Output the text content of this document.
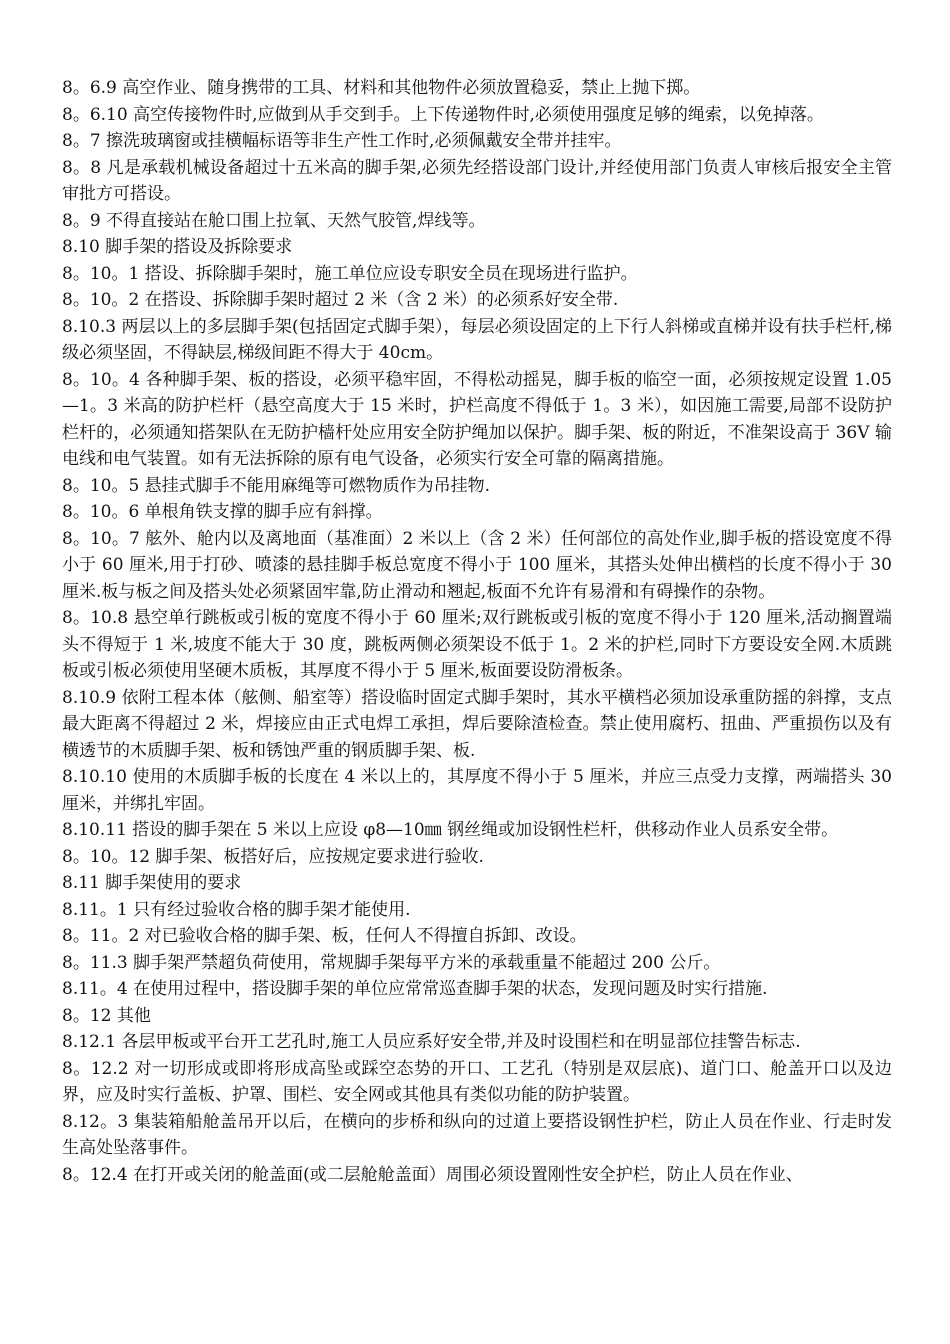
8。6.9 高空作业、随身携带的工具、材料和其他物件必须放置稳妥，禁止上抛下掷。

8。6.10 高空传接物件时,应做到从手交到手。上下传递物件时,必须使用强度足够的绳索，以免掉落。

8。7 擦洗玻璃窗或挂横幅标语等非生产性工作时,必须佩戴安全带并挂牢。

8。8 凡是承载机械设备超过十五米高的脚手架,必须先经搭设部门设计,并经使用部门负责人审核后报安全主管审批方可搭设。

8。9 不得直接站在舱口围上拉氧、天然气胶管,焊线等。

8.10 脚手架的搭设及拆除要求

8。10。1 搭设、拆除脚手架时，施工单位应设专职安全员在现场进行监护。

8。10。2 在搭设、拆除脚手架时超过 2 米（含 2 米）的必须系好安全带.

8.10.3 两层以上的多层脚手架(包括固定式脚手架），每层必须设固定的上下行人斜梯或直梯并设有扶手栏杆,梯级必须坚固，不得缺层,梯级间距不得大于 40cm。

8。10。4 各种脚手架、板的搭设，必须平稳牢固，不得松动摇晃，脚手板的临空一面，必须按规定设置 1.05—1。3 米高的防护栏杆（悬空高度大于 15 米时，护栏高度不得低于 1。3 米），如因施工需要,局部不设防护栏杆的，必须通知搭架队在无防护樯杆处应用安全防护绳加以保护。脚手架、板的附近，不准架设高于 36V 输电线和电气装置。如有无法拆除的原有电气设备，必须实行安全可靠的隔离措施。

8。10。5 悬挂式脚手不能用麻绳等可燃物质作为吊挂物.

8。10。6 单根角铁支撑的脚手应有斜撑。

8。10。7 舷外、舱内以及离地面（基准面）2 米以上（含 2 米）任何部位的高处作业,脚手板的搭设宽度不得小于 60 厘米,用于打砂、喷漆的悬挂脚手板总宽度不得小于 100 厘米，其搭头处伸出横档的长度不得小于 30 厘米.板与板之间及搭头处必须紧固牢靠,防止滑动和翘起,板面不允许有易滑和有碍操作的杂物。

8。10.8 悬空单行跳板或引板的宽度不得小于 60 厘米;双行跳板或引板的宽度不得小于 120 厘米,活动搁置端头不得短于 1 米,坡度不能大于 30 度，跳板两侧必须架设不低于 1。2 米的护栏,同时下方要设安全网.木质跳板或引板必须使用坚硬木质板，其厚度不得小于 5 厘米,板面要设防滑板条。

8.10.9 依附工程本体（舷侧、船室等）搭设临时固定式脚手架时，其水平横档必须加设承重防摇的斜撑，支点最大距离不得超过 2 米，焊接应由正式电焊工承担，焊后要除渣检查。禁止使用腐朽、扭曲、严重损伤以及有横透节的木质脚手架、板和锈蚀严重的钢质脚手架、板.

8.10.10 使用的木质脚手板的长度在 4 米以上的，其厚度不得小于 5 厘米，并应三点受力支撑，两端搭头 30 厘米，并绑扎牢固。

8.10.11 搭设的脚手架在 5 米以上应设 φ8—10㎜ 钢丝绳或加设钢性栏杆，供移动作业人员系安全带。

8。10。12 脚手架、板搭好后，应按规定要求进行验收.

8.11 脚手架使用的要求

8.11。1 只有经过验收合格的脚手架才能使用.

8。11。2 对已验收合格的脚手架、板，任何人不得擅自拆卸、改设。

8。11.3 脚手架严禁超负荷使用，常规脚手架每平方米的承载重量不能超过 200 公斤。

8.11。4 在使用过程中，搭设脚手架的单位应常常巡查脚手架的状态，发现问题及时实行措施.

8。12 其他

8.12.1 各层甲板或平台开工艺孔时,施工人员应系好安全带,并及时设围栏和在明显部位挂警告标志.

8。12.2 对一切形成或即将形成高坠或踩空态势的开口、工艺孔（特别是双层底)、道门口、舱盖开口以及边界，应及时实行盖板、护罩、围栏、安全网或其他具有类似功能的防护装置。

8.12。3 集装箱船舱盖吊开以后，在横向的步桥和纵向的过道上要搭设钢性护栏，防止人员在作业、行走时发生高处坠落事件。

8。12.4 在打开或关闭的舱盖面(或二层舱舱盖面）周围必须设置刚性安全护栏，防止人员在作业、
